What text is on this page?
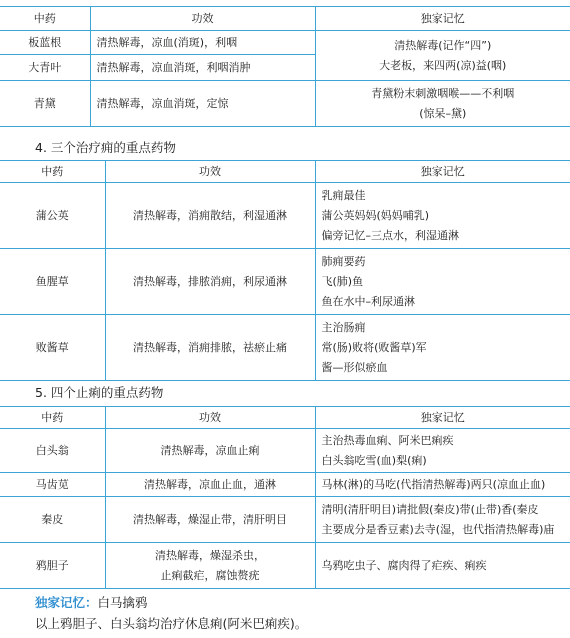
中药	功效	独家记忆
板蓝根	清热解毒，凉血(消斑)，利咽	清热解毒(记作“四”)
大老板，来四两(凉)益(咽)

大青叶	清热解毒，凉血消斑，利咽消肿	
青黛	清热解毒，凉血消斑，定惊	青黛粉末刺激咽喉——不利咽
(惊呆–黛)
4. 三个治疗痈的重点药物
中药	功效	独家记忆
蒲公英	清热解毒，消痈散结，利湿通淋	乳痈最佳
蒲公英妈妈(妈妈哺乳)
偏旁记忆–三点水，利湿通淋

鱼腥草	清热解毒，排脓消痈，利尿通淋	肺痈要药
飞(肺)鱼
鱼在水中–利尿通淋

败酱草	清热解毒，消痈排脓，祛瘀止痛	主治肠痈
常(肠)败将(败酱草)军
酱—形似瘀血
5. 四个止痢的重点药物
中药	功效	独家记忆
白头翁	清热解毒，凉血止痢	主治热毒血痢、阿米巴痢疾
白头翁吃雪(血)梨(痢)

马齿苋	清热解毒，凉血止血，通淋	马林(淋)的马吃(代指清热解毒)两只(凉血止血)
秦皮	清热解毒，燥湿止带，清肝明目	清明(清肝明目)请批假(秦皮)带(止带)香(秦皮
主要成分是香豆素)去寺(湿，也代指清热解毒)庙

鸦胆子	清热解毒，燥湿杀虫，
止痢截疟，腐蚀赘疣	乌鸦吃虫子、腐肉得了疟疾、痢疾
独家记忆：白马擒鸦
以上鸦胆子、白头翁均治疗休息痢(阿米巴痢疾)。
